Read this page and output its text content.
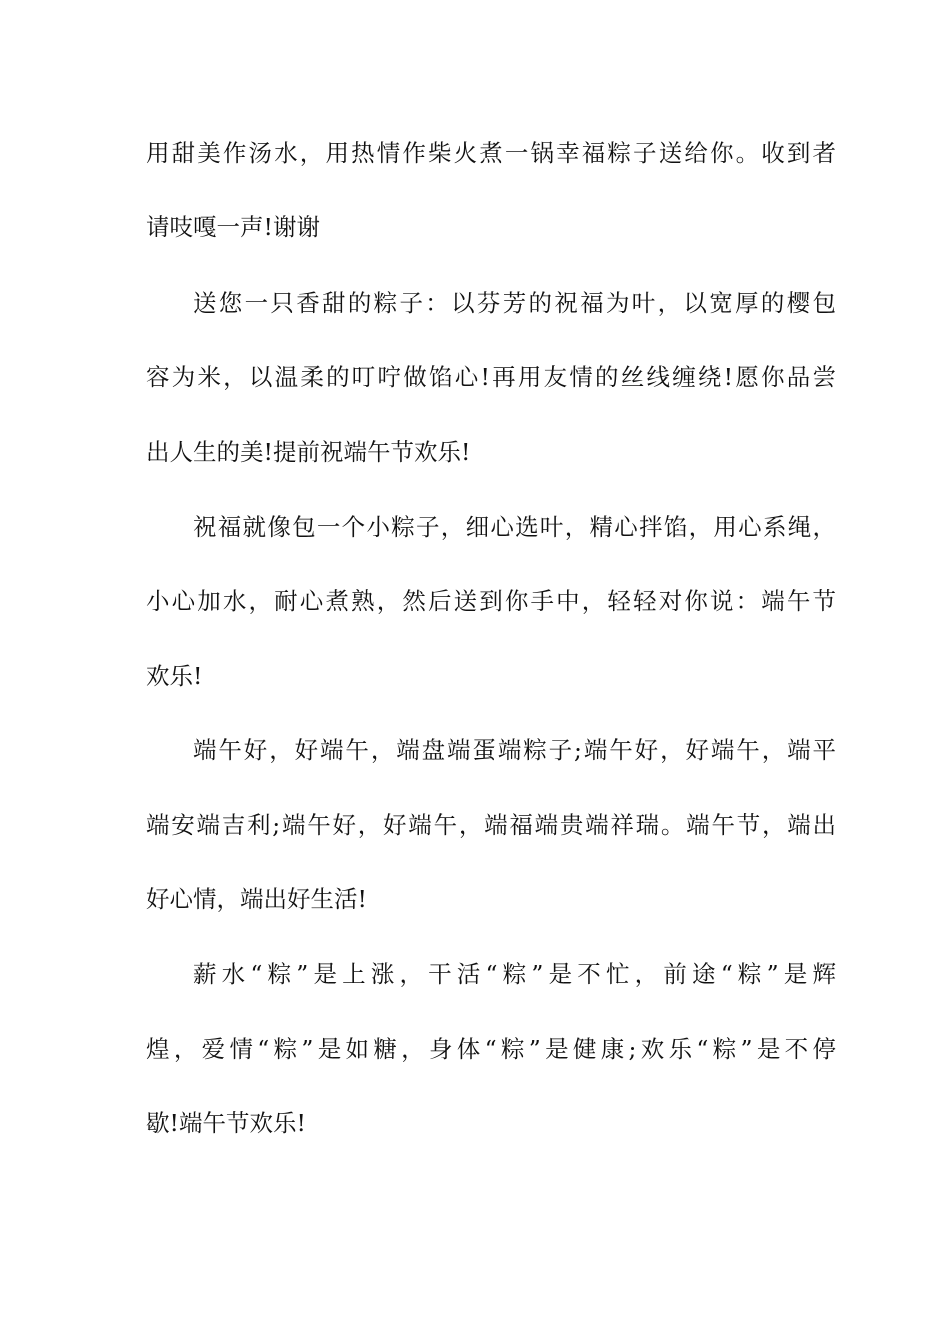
用甜美作汤水，用热情作柴火煮一锅幸福粽子送给你。收到者
请吱嘎一声!谢谢
送您一只香甜的粽子：以芬芳的祝福为叶，以宽厚的樱包
容为米，以温柔的叮咛做馅心!再用友情的丝线缠绕!愿你品尝
出人生的美!提前祝端午节欢乐!
祝福就像包一个小粽子，细心选叶，精心拌馅，用心系绳，
小心加水，耐心煮熟，然后送到你手中，轻轻对你说：端午节
欢乐!
端午好，好端午，端盘端蛋端粽子;端午好，好端午，端平
端安端吉利;端午好，好端午，端福端贵端祥瑞。端午节，端出
好心情，端出好生活!
薪水“粽”是上涨，干活“粽”是不忙，前途“粽”是辉
煌，爱情“粽”是如糖，身体“粽”是健康;欢乐“粽”是不停
歇!端午节欢乐!
